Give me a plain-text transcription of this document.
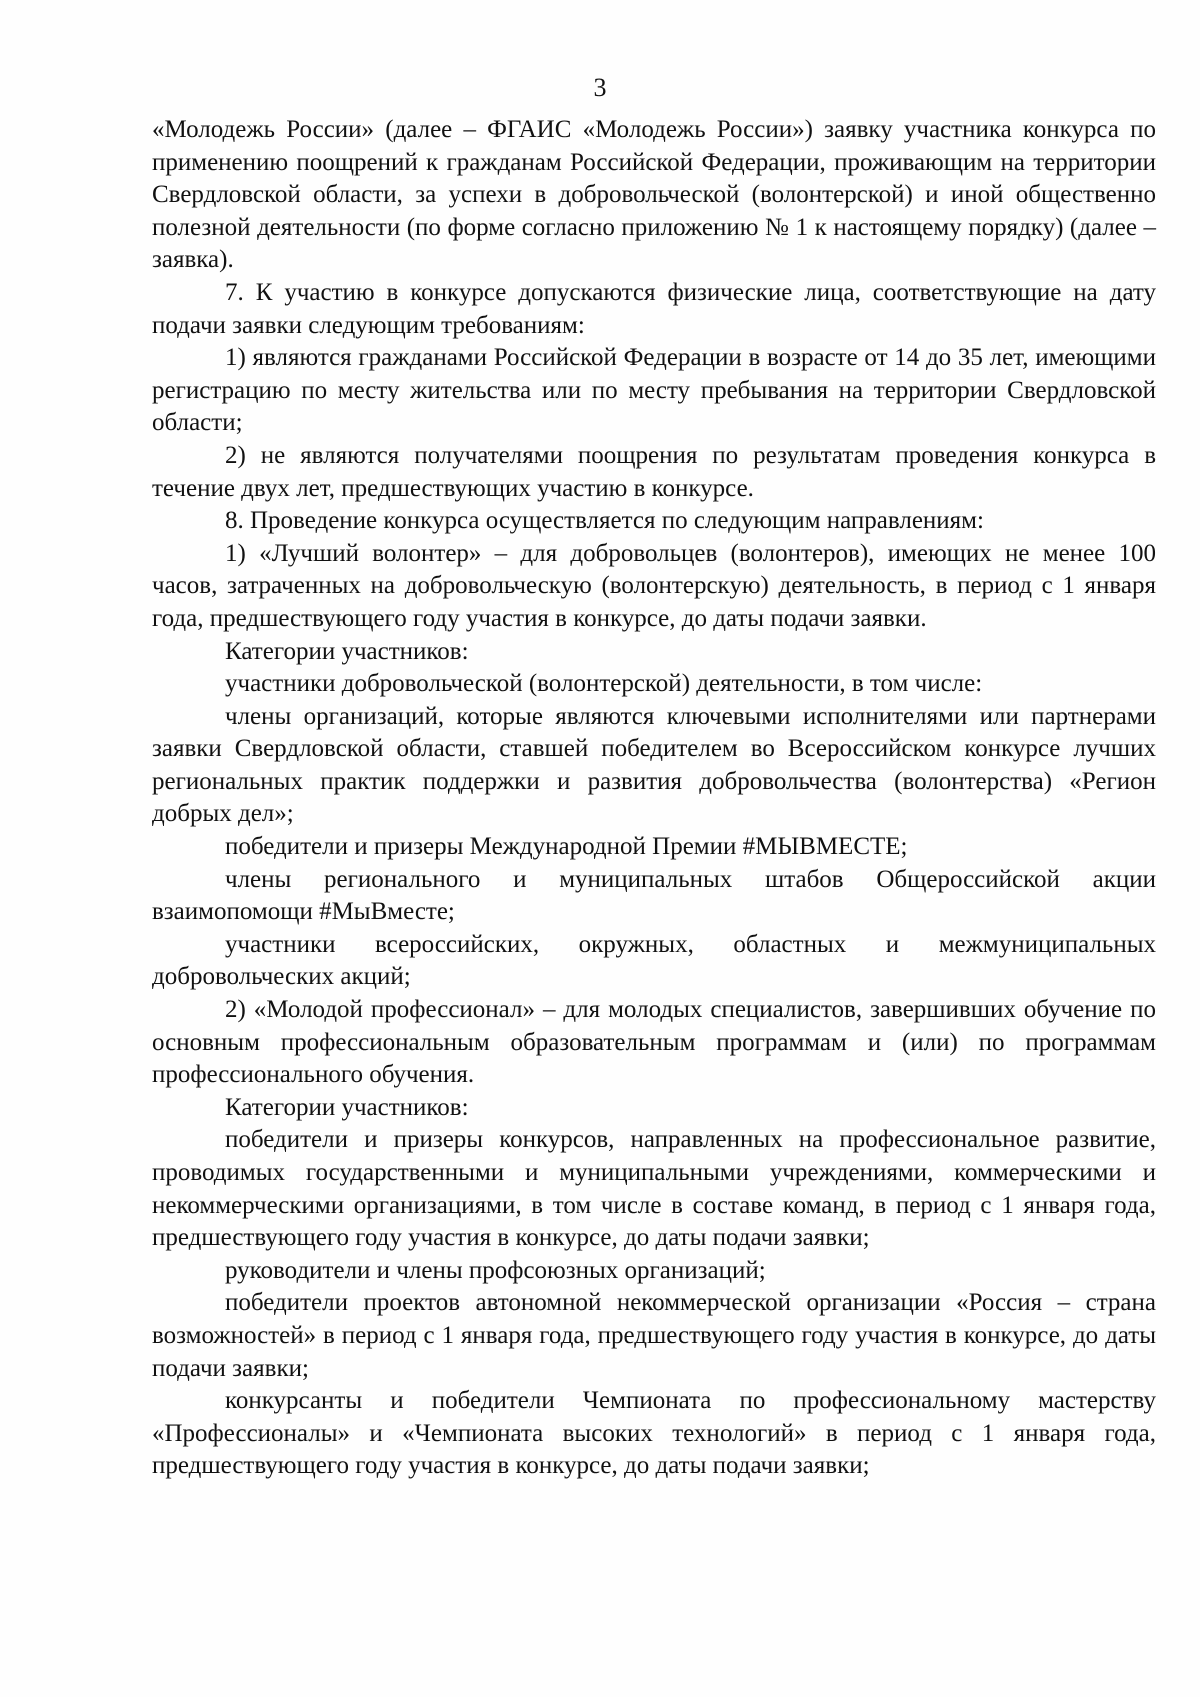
3

«Молодежь России» (далее – ФГАИС «Молодежь России») заявку участника конкурса по применению поощрений к гражданам Российской Федерации, проживающим на территории Свердловской области, за успехи в добровольческой (волонтерской) и иной общественно полезной деятельности (по форме согласно приложению № 1 к настоящему порядку) (далее – заявка).

7. К участию в конкурсе допускаются физические лица, соответствующие на дату подачи заявки следующим требованиям:

1) являются гражданами Российской Федерации в возрасте от 14 до 35 лет, имеющими регистрацию по месту жительства или по месту пребывания на территории Свердловской области;

2) не являются получателями поощрения по результатам проведения конкурса в течение двух лет, предшествующих участию в конкурсе.

8. Проведение конкурса осуществляется по следующим направлениям:

1) «Лучший волонтер» – для добровольцев (волонтеров), имеющих не менее 100 часов, затраченных на добровольческую (волонтерскую) деятельность, в период с 1 января года, предшествующего году участия в конкурсе, до даты подачи заявки.

Категории участников:

участники добровольческой (волонтерской) деятельности, в том числе:

члены организаций, которые являются ключевыми исполнителями или партнерами заявки Свердловской области, ставшей победителем во Всероссийском конкурсе лучших региональных практик поддержки и развития добровольчества (волонтерства) «Регион добрых дел»;

победители и призеры Международной Премии #МЫВМЕСТЕ;

члены регионального и муниципальных штабов Общероссийской акции взаимопомощи #МыВместе;

участники всероссийских, окружных, областных и межмуниципальных добровольческих акций;

2) «Молодой профессионал» – для молодых специалистов, завершивших обучение по основным профессиональным образовательным программам и (или) по программам профессионального обучения.

Категории участников:

победители и призеры конкурсов, направленных на профессиональное развитие, проводимых государственными и муниципальными учреждениями, коммерческими и некоммерческими организациями, в том числе в составе команд, в период с 1 января года, предшествующего году участия в конкурсе, до даты подачи заявки;

руководители и члены профсоюзных организаций;

победители проектов автономной некоммерческой организации «Россия – страна возможностей» в период с 1 января года, предшествующего году участия в конкурсе, до даты подачи заявки;

конкурсанты и победители Чемпионата по профессиональному мастерству «Профессионалы» и «Чемпионата высоких технологий» в период с 1 января года, предшествующего году участия в конкурсе, до даты подачи заявки;
